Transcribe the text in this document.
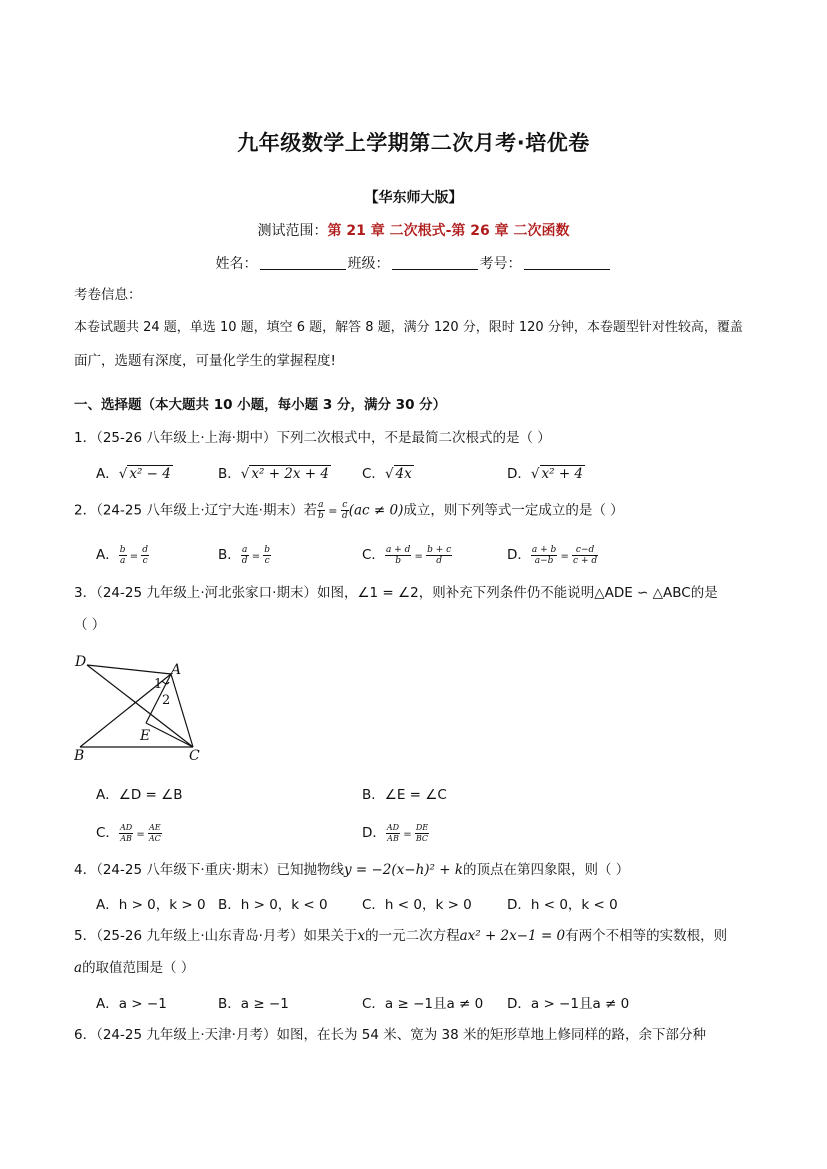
九年级数学上学期第二次月考·培优卷
【华东师大版】
测试范围：第 21 章 二次根式-第 26 章 二次函数
姓名：	班级：	考号：
考卷信息：
本卷试题共 24 题，单选 10 题，填空 6 题，解答 8 题，满分 120 分，限时 120 分钟，本卷题型针对性较高，覆盖
面广，选题有深度，可量化学生的掌握程度!
一、选择题（本大题共 10 小题，每小题 3 分，满分 30 分）
1．（25-26 八年级上·上海·期中）下列二次根式中，不是最简二次根式的是（ ）
A．√ x² − 4	B．√ x² + 2x + 4 C．√ 4x	D．√ x² + 4
2．（24-25 八年级上·辽宁大连·期末）若 $\frac{a}{b} = \frac{c}{d} (ac \ne 0)$成立，则下列等式一定成立的是（ ）
A． $\frac{b}{a} = \frac{d}{c}$	B． $\frac{a}{d} = \frac{b}{c}$	C． $\frac{a + d}{b} = \frac{b + c}{d}$	D． $\frac{a + b}{a-b} = \frac{c-d}{c + d}$
3．（24-25 九年级上·河北张家口·期末）如图，∠1 = ∠2，则补充下列条件仍不能说明△ADE ∽ △ABC的是
（ ）
D	A
B	C
E
1
2
A．∠D = ∠B	B．∠E = ∠C
C． $\frac{AD}{AB} = \frac{AE}{AC}$	D． $\frac{AD}{AB} = \frac{DE}{BC}$
4．（24-25 八年级下·重庆·期末）已知抛物线y = −2(x−h)² + k的顶点在第四象限，则（ ）
A．h > 0，k > 0 B．h > 0，k < 0	C．h < 0，k > 0	D．h < 0，k < 0
5．（25-26 九年级上·山东青岛·月考）如果关于x的一元二次方程ax² + 2x−1 = 0有两个不相等的实数根，则
a的取值范围是（ ）
A．a > −1	B．a ≥ −1	C．a ≥ −1且a ≠ 0 D．a > −1且a ≠ 0
6．（24-25 九年级上·天津·月考）如图，在长为 54 米、宽为 38 米的矩形草地上修同样的路，余下部分种
